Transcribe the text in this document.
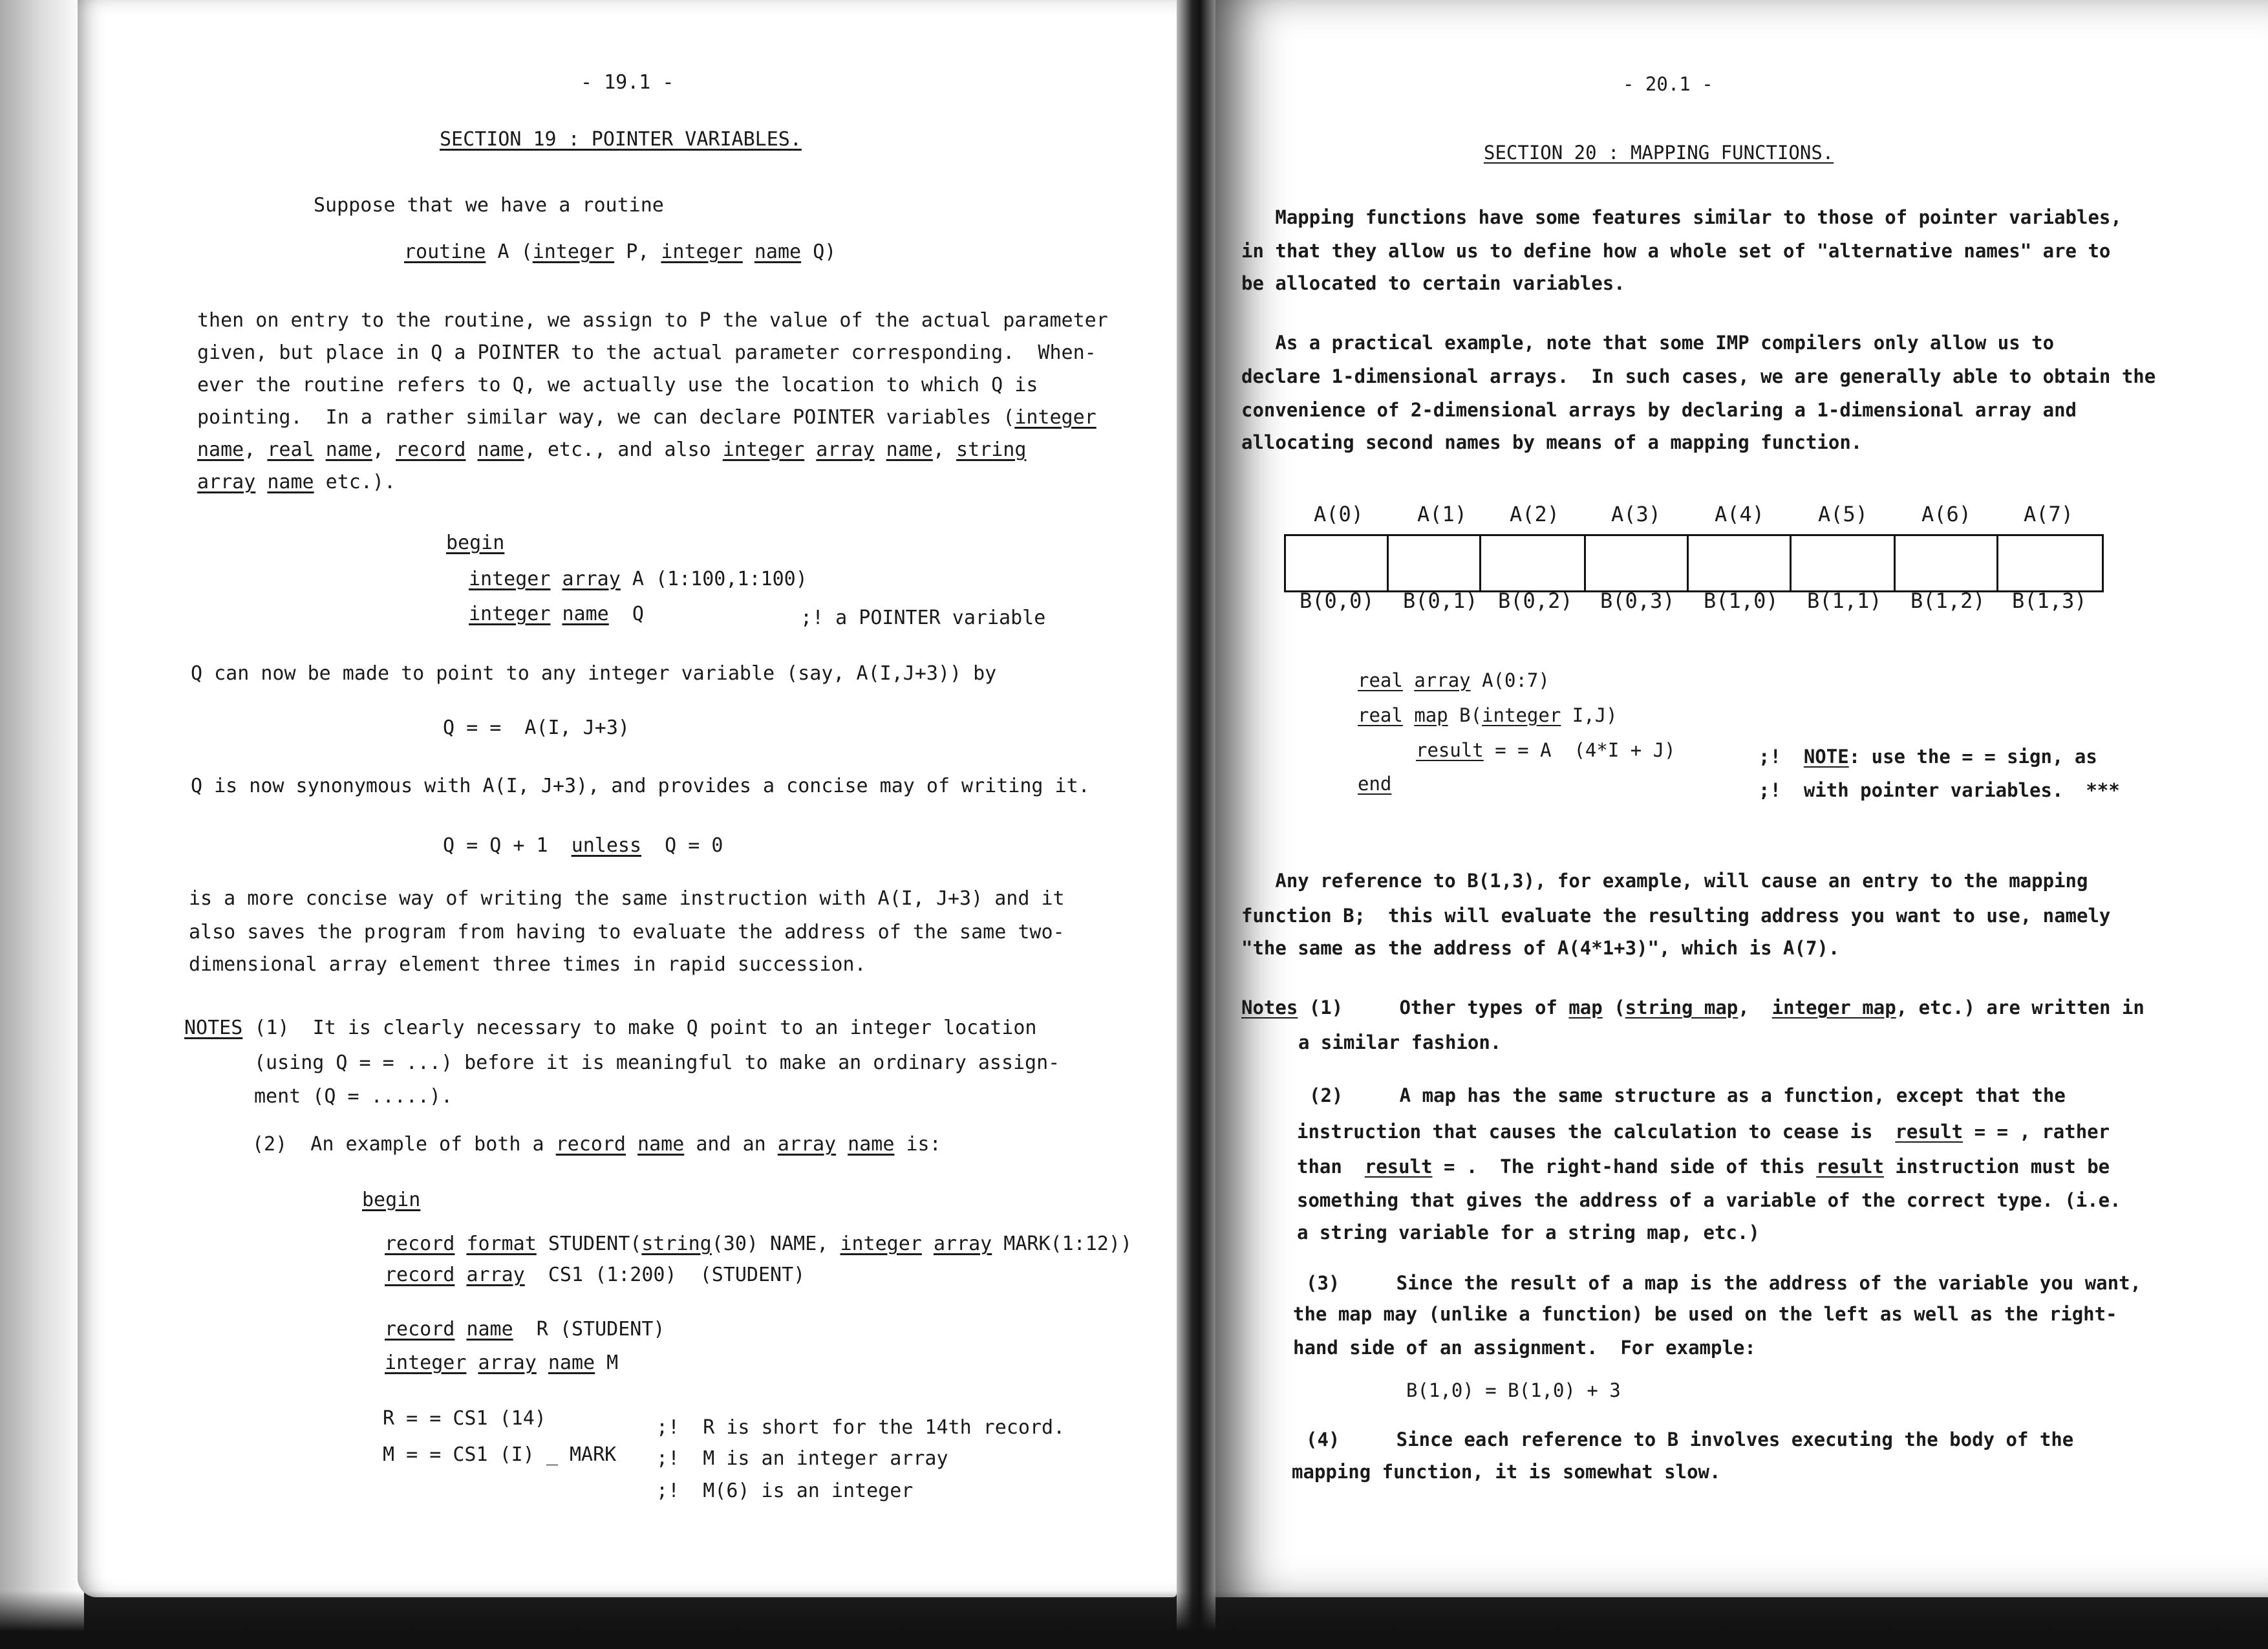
- 19.1 -
SECTION 19 : POINTER VARIABLES.
Suppose that we have a routine
routine A (integer P, integer name Q)
then on entry to the routine, we assign to P the value of the actual parameter
given, but place in Q a POINTER to the actual parameter corresponding.  When-
ever the routine refers to Q, we actually use the location to which Q is
pointing.  In a rather similar way, we can declare POINTER variables (integer
name, real name, record name, etc., and also integer array name, string
array name etc.).
begin
integer array A (1:100,1:100)
integer name  Q	;! a POINTER variable
Q can now be made to point to any integer variable (say, A(I,J+3)) by
Q = =  A(I, J+3)
Q is now synonymous with A(I, J+3), and provides a concise may of writing it.
Q = Q + 1  unless  Q = 0
is a more concise way of writing the same instruction with A(I, J+3) and it
also saves the program from having to evaluate the address of the same two-
dimensional array element three times in rapid succession.
NOTES (1)  It is clearly necessary to make Q point to an integer location
(using Q = = ...) before it is meaningful to make an ordinary assign-
ment (Q = .....).
(2)  An example of both a record name and an array name is:
begin
record format STUDENT(string(30) NAME, integer array MARK(1:12))
record array  CS1 (1:200)  (STUDENT)
record name  R (STUDENT)
integer array name M
R = = CS1 (14)	;!  R is short for the 14th record.
M = = CS1 (I) _ MARK ;!  M is an integer array
;!  M(6) is an integer
- 20.1 -
SECTION 20 : MAPPING FUNCTIONS.
Mapping functions have some features similar to those of pointer variables,
in that they allow us to define how a whole set of "alternative names" are to
be allocated to certain variables.
As a practical example, note that some IMP compilers only allow us to
declare 1-dimensional arrays.  In such cases, we are generally able to obtain the
convenience of 2-dimensional arrays by declaring a 1-dimensional array and
allocating second names by means of a mapping function.
A(0)	A(1) A(2) A(3)	A(4)	A(5)	A(6)	A(7)
B(0,0) B(0,1) B(0,2) B(0,3) B(1,0) B(1,1) B(1,2) B(1,3)
real array A(0:7)
real map B(integer I,J)
result = = A  (4*I + J)	;!  NOTE: use the = = sign, as
end	;!  with pointer variables.  ***
Any reference to B(1,3), for example, will cause an entry to the mapping
function B;  this will evaluate the resulting address you want to use, namely
"the same as the address of A(4*1+3)", which is A(7).
Notes (1)     Other types of map (string map,  integer map, etc.) are written in
a similar fashion.
(2)     A map has the same structure as a function, except that the
instruction that causes the calculation to cease is  result = = , rather
than  result = .  The right-hand side of this result instruction must be
something that gives the address of a variable of the correct type. (i.e.
a string variable for a string map, etc.)
(3)     Since the result of a map is the address of the variable you want,
the map may (unlike a function) be used on the left as well as the right-
hand side of an assignment.  For example:
B(1,0) = B(1,0) + 3
(4)     Since each reference to B involves executing the body of the
mapping function, it is somewhat slow.
